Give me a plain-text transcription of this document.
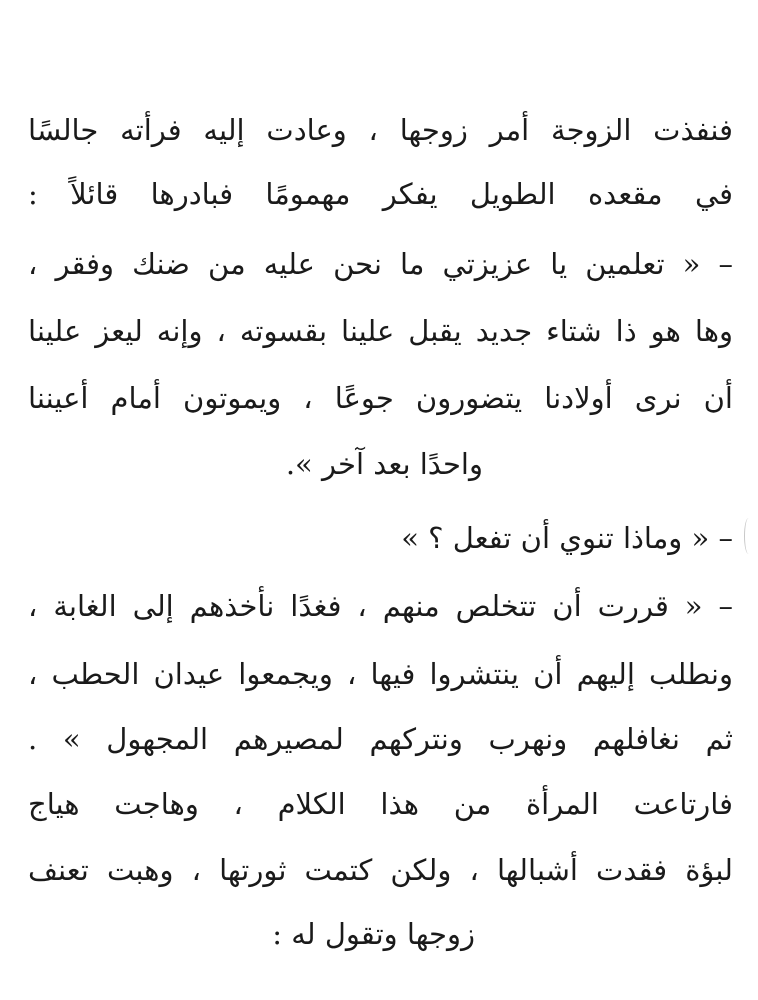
فنفذت الزوجة أمر زوجها ، وعادت إليه فرأته جالسًا
في مقعده الطويل يفكر مهمومًا فبادرها قائلاً :
– « تعلمين يا عزيزتي ما نحن عليه من ضنك وفقر ،
وها هو ذا شتاء جديد يقبل علينا بقسوته ، وإنه ليعز علينا
أن نرى أولادنا يتضورون جوعًا ، ويموتون أمام أعيننا
واحدًا بعد آخر ».
– « وماذا تنوي أن تفعل ؟ »
– « قررت أن تتخلص منهم ، فغدًا نأخذهم إلى الغابة ،
ونطلب إليهم أن ينتشروا فيها ، ويجمعوا عيدان الحطب ،
ثم نغافلهم ونهرب ونتركهم لمصيرهم المجهول » .
فارتاعت المرأة من هذا الكلام ، وهاجت هياج
لبؤة فقدت أشبالها ، ولكن كتمت ثورتها ، وهبت تعنف
زوجها وتقول له :
